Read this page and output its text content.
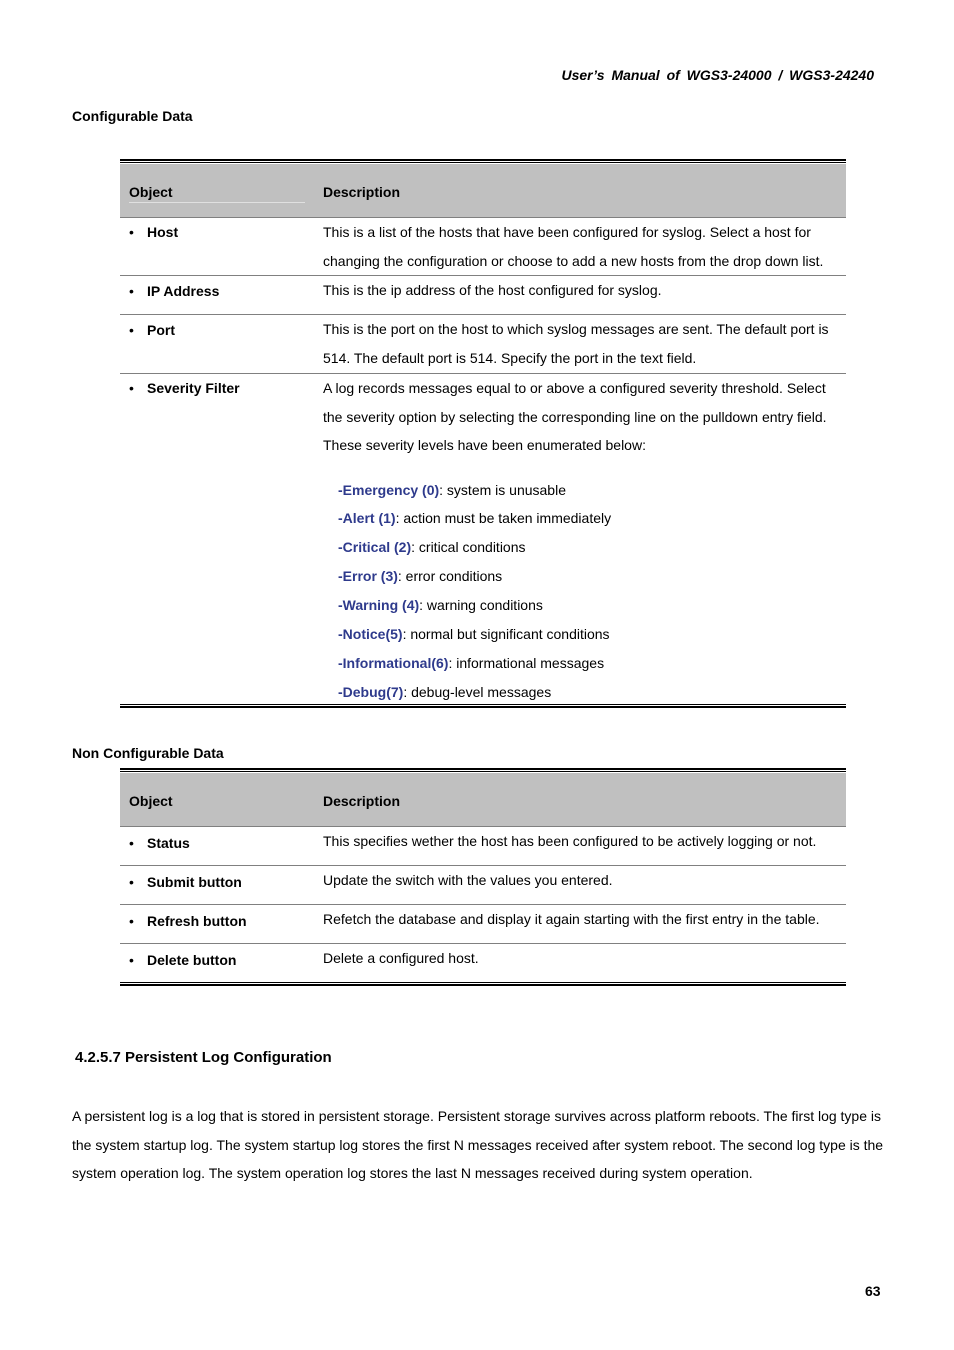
User’s Manual of WGS3-24000 / WGS3-24240
Configurable Data
Object	Description
• Host	This is a list of the hosts that have been configured for syslog. Select a host for changing the configuration or choose to add a new hosts from the drop down list.
• IP Address	This is the ip address of the host configured for syslog.
• Port	This is the port on the host to which syslog messages are sent. The default port is 514. The default port is 514. Specify the port in the text field.
• Severity Filter	A log records messages equal to or above a configured severity threshold. Select the severity option by selecting the corresponding line on the pulldown entry field. These severity levels have been enumerated below:
-Emergency (0): system is unusable
-Alert (1): action must be taken immediately
-Critical (2): critical conditions
-Error (3): error conditions
-Warning (4): warning conditions
-Notice(5): normal but significant conditions
-Informational(6): informational messages
-Debug(7): debug-level messages
Non Configurable Data
Object	Description
• Status	This specifies wether the host has been configured to be actively logging or not.
• Submit button	Update the switch with the values you entered.
• Refresh button	Refetch the database and display it again starting with the first entry in the table.
• Delete button	Delete a configured host.
4.2.5.7 Persistent Log Configuration
A persistent log is a log that is stored in persistent storage. Persistent storage survives across platform reboots. The first log type is the system startup log. The system startup log stores the first N messages received after system reboot. The second log type is the system operation log. The system operation log stores the last N messages received during system operation.
63
